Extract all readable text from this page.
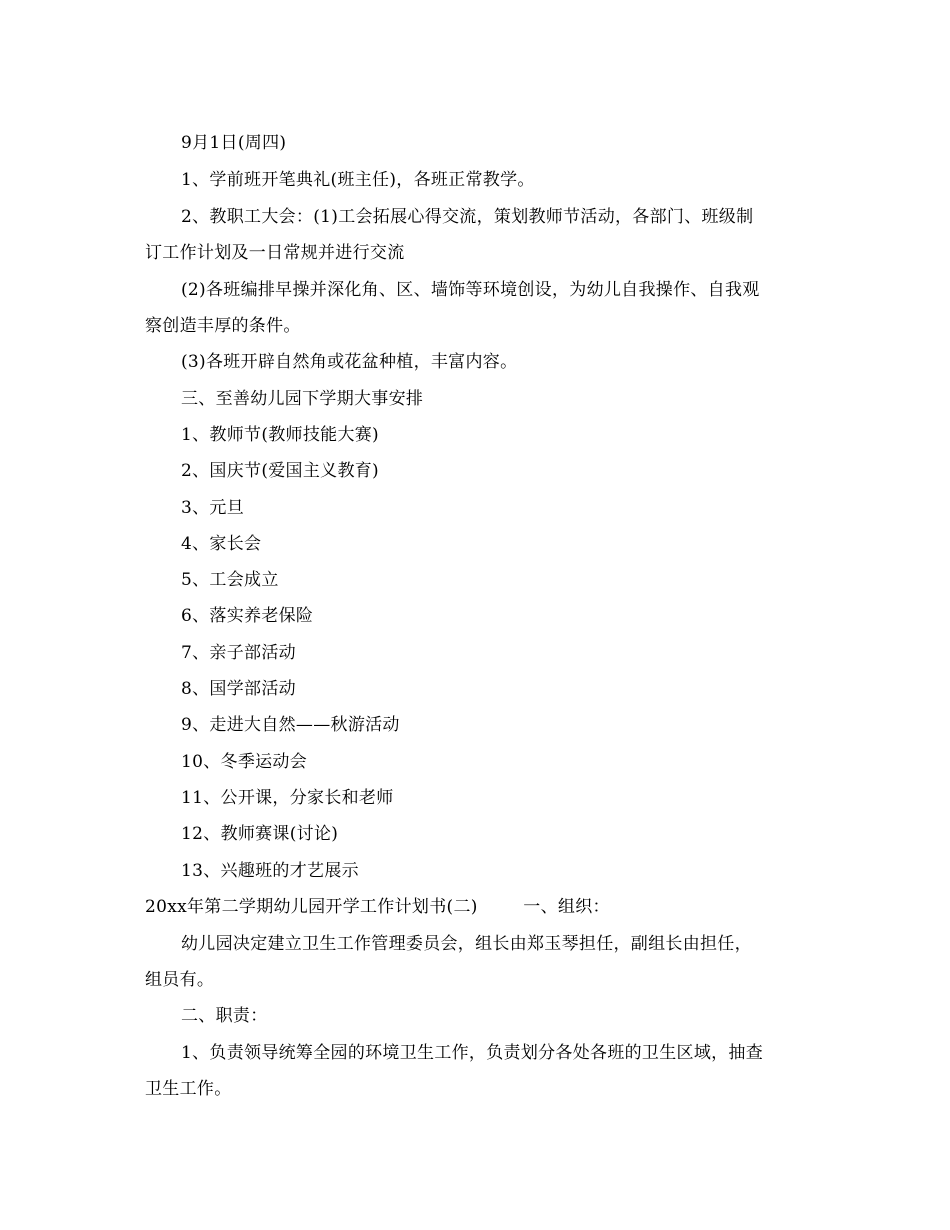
9月1日(周四)
1、学前班开笔典礼(班主任)，各班正常教学。
2、教职工大会：(1)工会拓展心得交流，策划教师节活动，各部门、班级制
订工作计划及一日常规并进行交流
(2)各班编排早操并深化角、区、墙饰等环境创设，为幼儿自我操作、自我观
察创造丰厚的条件。
(3)各班开辟自然角或花盆种植，丰富内容。
三、至善幼儿园下学期大事安排
1、教师节(教师技能大赛)
2、国庆节(爱国主义教育)
3、元旦
4、家长会
5、工会成立
6、落实养老保险
7、亲子部活动
8、国学部活动
9、走进大自然——秋游活动
10、冬季运动会
11、公开课，分家长和老师
12、教师赛课(讨论)
13、兴趣班的才艺展示
20xx年第二学期幼儿园开学工作计划书(二)        一、组织：
幼儿园决定建立卫生工作管理委员会，组长由郑玉琴担任，副组长由担任，
组员有。
二、职责：
1、负责领导统筹全园的环境卫生工作，负责划分各处各班的卫生区域，抽查
卫生工作。
